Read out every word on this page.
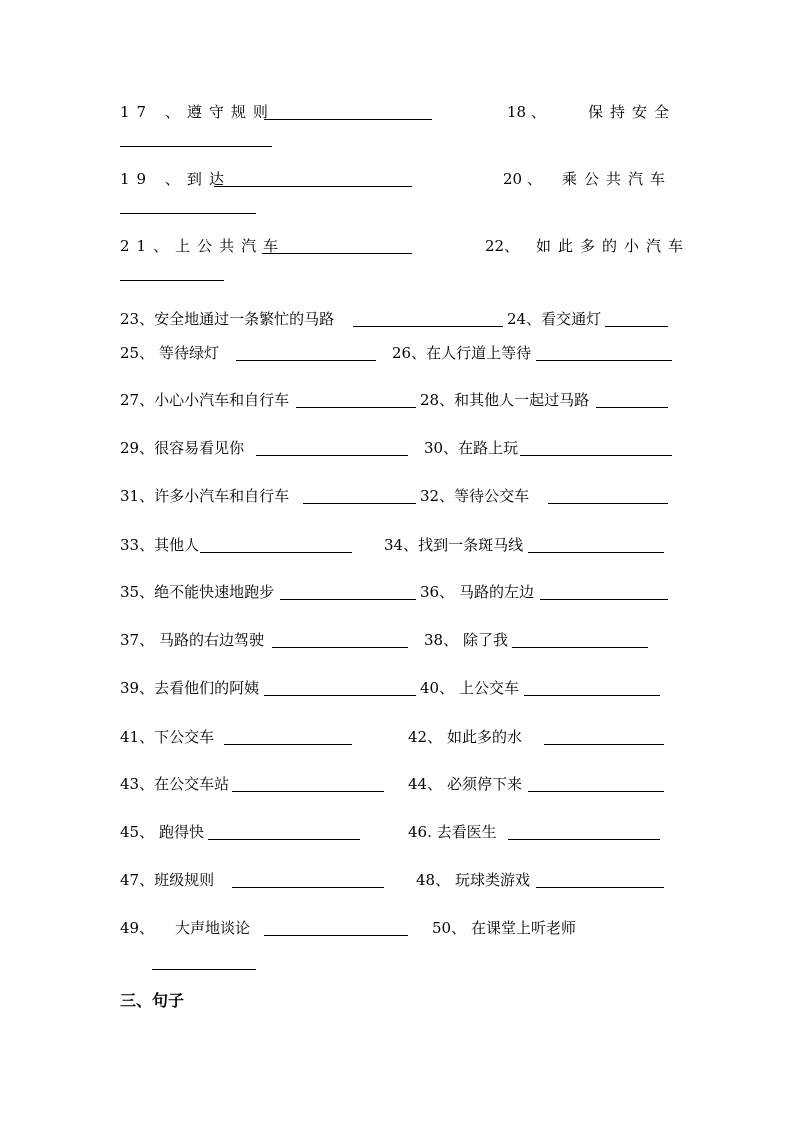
17 、遵守规则	18 、	保持安全
19 、到达	20 、 乘公共汽车
21、上公共汽车	22、 如此多的小汽车
23、安全地通过一条繁忙的马路	24、看交通灯
25、 等待绿灯	26、在人行道上等待
27、小心小汽车和自行车	28、和其他人一起过马路
29、很容易看见你	30、在路上玩
31、许多小汽车和自行车	32、等待公交车
33、其他人	34、找到一条斑马线
35、绝不能快速地跑步	36、 马路的左边
37、 马路的右边驾驶	38、 除了我
39、去看他们的阿姨	40、 上公交车
41、下公交车	42、 如此多的水
43、在公交车站	44、 必须停下来
45、 跑得快	46. 去看医生
47、班级规则	48、 玩球类游戏
49、 大声地谈论	50、 在课堂上听老师
三、句子
